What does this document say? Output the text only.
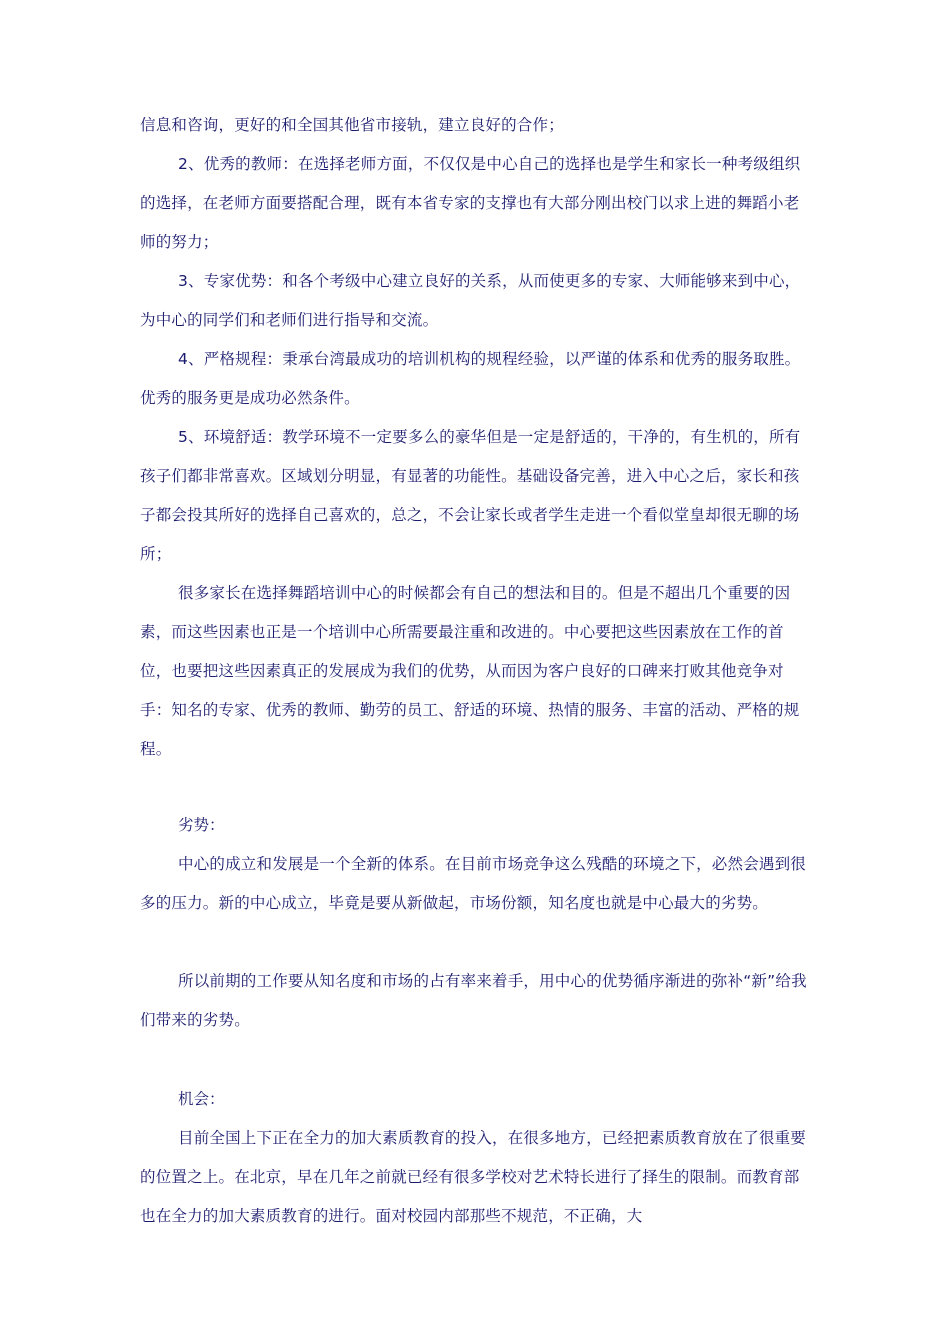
信息和咨询，更好的和全国其他省市接轨，建立良好的合作；

2、优秀的教师：在选择老师方面，不仅仅是中心自己的选择也是学生和家长一种考级组织的选择，在老师方面要搭配合理，既有本省专家的支撑也有大部分刚出校门以求上进的舞蹈小老师的努力；

3、专家优势：和各个考级中心建立良好的关系，从而使更多的专家、大师能够来到中心，为中心的同学们和老师们进行指导和交流。

4、严格规程：秉承台湾最成功的培训机构的规程经验，以严谨的体系和优秀的服务取胜。优秀的服务更是成功必然条件。

5、环境舒适：教学环境不一定要多么的豪华但是一定是舒适的，干净的，有生机的，所有孩子们都非常喜欢。区域划分明显，有显著的功能性。基础设备完善，进入中心之后，家长和孩子都会投其所好的选择自己喜欢的，总之，不会让家长或者学生走进一个看似堂皇却很无聊的场所；

很多家长在选择舞蹈培训中心的时候都会有自己的想法和目的。但是不超出几个重要的因素，而这些因素也正是一个培训中心所需要最注重和改进的。中心要把这些因素放在工作的首位，也要把这些因素真正的发展成为我们的优势，从而因为客户良好的口碑来打败其他竞争对手：知名的专家、优秀的教师、勤劳的员工、舒适的环境、热情的服务、丰富的活动、严格的规程。

劣势：

中心的成立和发展是一个全新的体系。在目前市场竞争这么残酷的环境之下，必然会遇到很多的压力。新的中心成立，毕竟是要从新做起，市场份额，知名度也就是中心最大的劣势。

所以前期的工作要从知名度和市场的占有率来着手，用中心的优势循序渐进的弥补“新”给我们带来的劣势。

机会：

目前全国上下正在全力的加大素质教育的投入，在很多地方，已经把素质教育放在了很重要的位置之上。在北京，早在几年之前就已经有很多学校对艺术特长进行了择生的限制。而教育部也在全力的加大素质教育的进行。面对校园内部那些不规范，不正确，大
